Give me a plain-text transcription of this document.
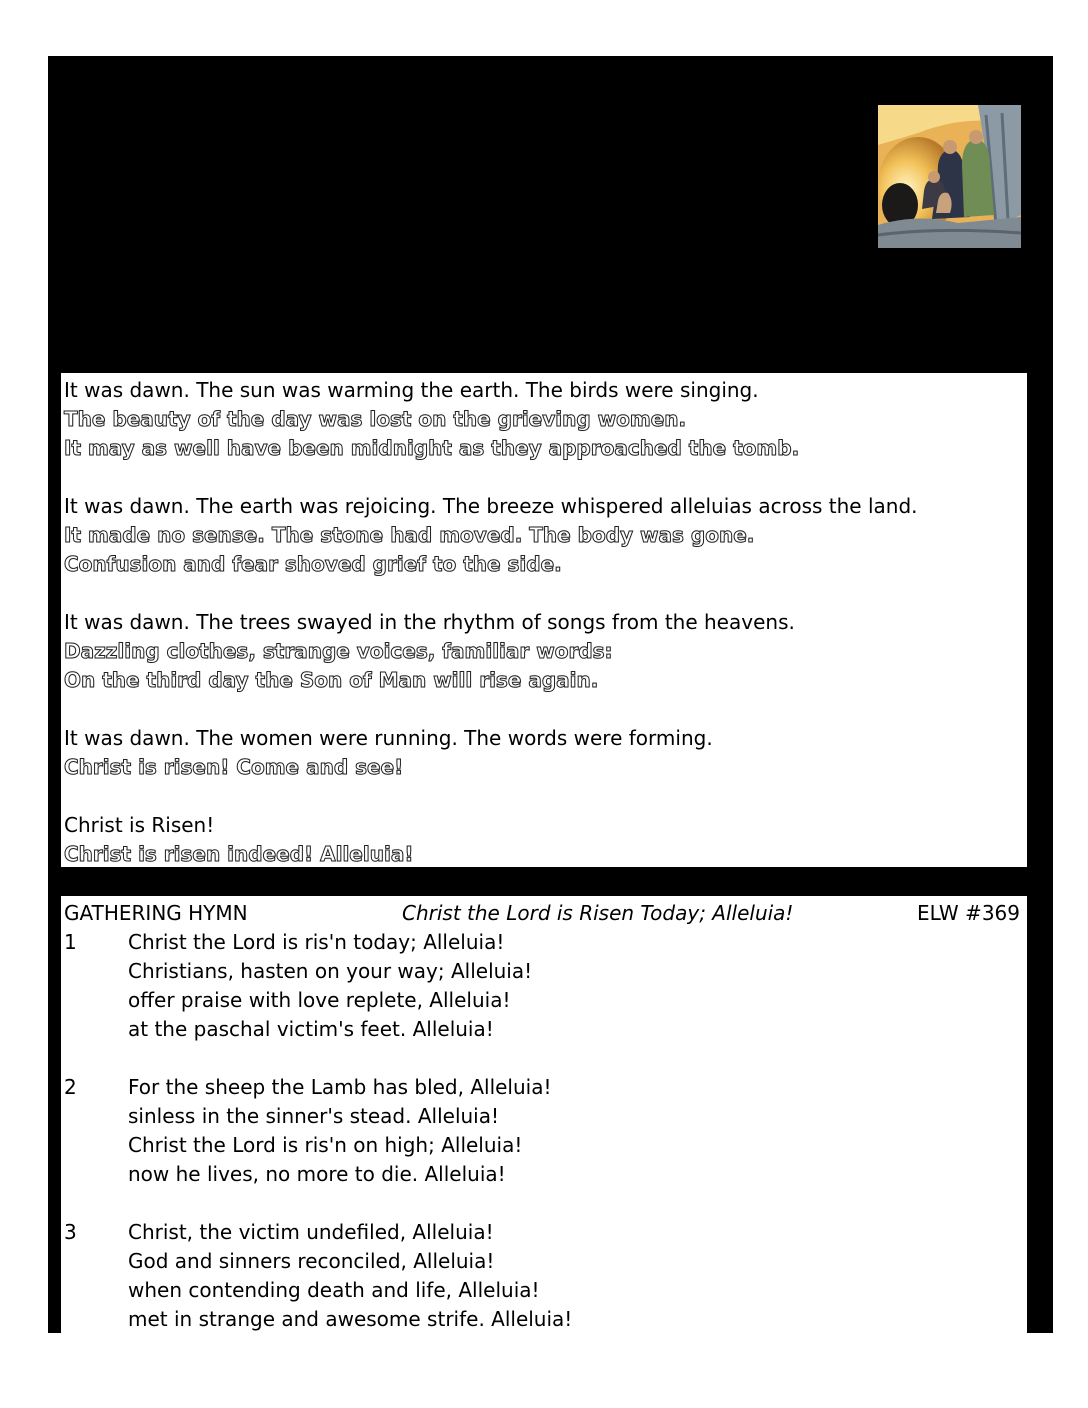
It was dawn. The sun was warming the earth. The birds were singing.
The beauty of the day was lost on the grieving women.
It may as well have been midnight as they approached the tomb.
It was dawn. The earth was rejoicing. The breeze whispered alleluias across the land.
It made no sense. The stone had moved. The body was gone.
Confusion and fear shoved grief to the side.
It was dawn. The trees swayed in the rhythm of songs from the heavens.
Dazzling clothes, strange voices, familiar words:
On the third day the Son of Man will rise again.
It was dawn. The women were running. The words were forming.
Christ is risen! Come and see!
Christ is Risen!
Christ is risen indeed! Alleluia!
GATHERING HYMN	Christ the Lord is Risen Today; Alleluia!	ELW #369
1	Christ the Lord is ris'n today; Alleluia!
Christians, hasten on your way; Alleluia!
offer praise with love replete, Alleluia!
at the paschal victim's feet. Alleluia!
2	For the sheep the Lamb has bled, Alleluia!
sinless in the sinner's stead. Alleluia!
Christ the Lord is ris'n on high; Alleluia!
now he lives, no more to die. Alleluia!
3	Christ, the victim undefiled, Alleluia!
God and sinners reconciled, Alleluia!
when contending death and life, Alleluia!
met in strange and awesome strife. Alleluia!
